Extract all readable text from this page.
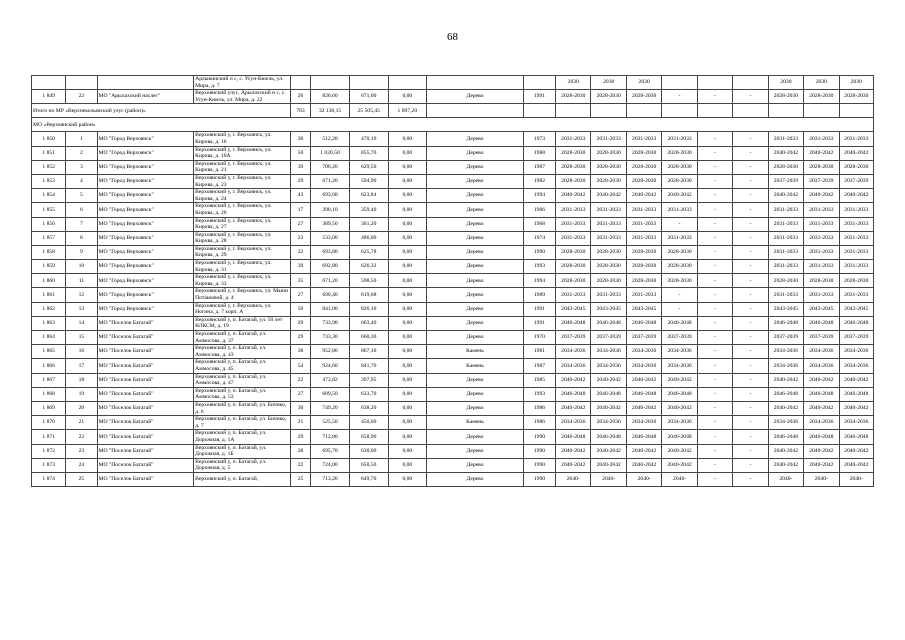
68
			Арлыкинский п с, с. Усун-Кюель, ул. Мира, д. 7							2030	2030	2030				2030	2030	2030
1 849	22	МО "Арылахский наслег"	Верхоянский улус, Арылахский н с, с. Усун-Кюель, ул. Мира, д. 22	26	826,60	671,60	0,00	Дерево	1991	2028-2030	2028-2030	2028-2030	-	-	-	2028-2030	2028-2030	2028-2030
Итого по МР «Верхнеколымский улус (район)»				783	32 138,15	25 505,45	1 897,20											
МО «Верхоянский район»																		
1 850	1	МО "Город Верхоянск"	Верхоянский у, г. Верхоянск, ул. Кирова, д. 16	30	512,20	470,10	0,00	Дерево	1973	2031-2033	2031-2033	2031-2033	2031-2033	-	-	2031-2033	2031-2033	2031-2033
1 851	2	МО "Город Верхоянск"	Верхоянский у, г. Верхоянск, ул. Кирова, д. 10А	50	1 020,50	855,70	0,00	Дерево	1988	2028-2030	2028-2030	2028-2030	2028-2030	-	-	2040-2042	2040-2042	2040-2042
1 852	3	МО "Город Верхоянск"	Верхоянский у, г. Верхоянск, ул. Кирова, д. 21	39	706,20	629,50	0,00	Дерево	1987	2028-2030	2028-2030	2028-2030	2028-2030	-	-	2028-2030	2028-2030	2028-2030
1 853	4	МО "Город Верхоянск"	Верхоянский у, г. Верхоянск, ул. Кирова, д. 23	29	671,20	594,90	0,00	Дерево	1982	2028-2030	2028-2030	2028-2030	2028-2030	-	-	2037-2039	2037-2039	2037-2039
1 854	5	МО "Город Верхоянск"	Верхоянский у, г. Верхоянск, ул. Кирова, д. 24	43	693,60	623,84	0,00	Дерево	1994	2040-2042	2040-2042	2040-2042	2040-2042	-	-	2040-2042	2040-2042	2040-2042
1 855	6	МО "Город Верхоянск"	Верхоянский у, г. Верхоянск, ул. Кирова, д. 26	17	390,10	359,40	0,00	Дерево	1966	2031-2033	2031-2033	2031-2033	2031-2033	-	-	2031-2033	2031-2033	2031-2033
1 856	7	МО "Город Верхоянск"	Верхоянский у, г. Верхоянск, ул. Кирова, д. 27	27	389,50	361,20	0,00	Дерево	1968	2031-2033	2031-2033	2031-2033	-	-	-	2031-2033	2031-2033	2031-2033
1 857	8	МО "Город Верхоянск"	Верхоянский у, г. Верхоянск, ул. Кирова, д. 28	23	533,00	486,00	0,00	Дерево	1974	2031-2033	2031-2033	2031-2033	2031-2033	-	-	2031-2033	2031-2033	2031-2033
1 858	9	МО "Город Верхоянск"	Верхоянский у, г. Верхоянск, ул. Кирова, д. 29	32	693,80	625,78	0,00	Дерево	1990	2028-2030	2028-2030	2028-2030	2028-2030	-	-	2031-2033	2031-2033	2031-2033
1 859	10	МО "Город Верхоянск"	Верхоянский у, г. Верхоянск, ул. Кирова, д. 31	39	692,80	626,32	0,00	Дерево	1993	2028-2030	2028-2030	2028-2030	2028-2030	-	-	2031-2033	2031-2033	2031-2033
1 860	11	МО "Город Верхоянск"	Верхоянский у, г. Верхоянск, ул. Кирова, д. 33	35	671,20	598,50	0,00	Дерево	1994	2028-2030	2028-2030	2028-2030	2028-2030	-	-	2028-2030	2028-2030	2028-2030
1 861	12	МО "Город Верхоянск"	Верхоянский у, г. Верхоянск, ул. Маши Поташовой, д. 4	27	690,40	619,68	0,00	Дерево	1989	2031-2033	2031-2033	2031-2033	-	-	-	2031-2033	2031-2033	2031-2033
1 862	13	МО "Город Верхоянск"	Верхоянский у, г. Верхоянск, ул. Ногина, д. 7 корп. А	50	841,00	826,10	0,00	Дерево	1991	2043-2045	2043-2045	2043-2045	-	-	-	2043-2045	2043-2045	2043-2045
1 863	14	МО "Поселок Батагай"	Верхоянский у, п. Батагай, ул. 50 лет ВЛКСМ, д. 19	29	733,90	663,40	0,00	Дерево	1991	2046-2048	2046-2048	2046-2048	2046-2048	-	-	2046-2048	2046-2048	2046-2048
1 864	15	МО "Поселок Батагай"	Верхоянский у, п. Батагай, ул. Аммосова, д. 37	29	733,30	660,30	0,00	Дерево	1970	2037-2039	2037-2039	2037-2039	2037-2039	-	-	2037-2039	2037-2039	2037-2039
1 865	16	МО "Поселок Батагай"	Верхоянский у, п. Батагай, ул. Аммосова, д. 43	38	952,80	867,10	0,00	Камень	1981	2034-2036	2034-2036	2034-2036	2034-2036	-	-	2034-2036	2034-2036	2034-2036
1 866	17	МО "Поселок Батагай"	Верхоянский у, п. Батагай, ул. Аммосова, д. 45	54	924,60	841,70	0,00	Камень	1987	2034-2036	2034-2036	2034-2036	2034-2036	-	-	2034-2036	2034-2036	2034-2036
1 867	18	МО "Поселок Батагай"	Верхоянский у, п. Батагай, ул. Аммосова, д. 47	22	473,82	397,95	0,00	Дерево	1985	2040-2042	2040-2042	2040-2042	2040-2042	-	-	2040-2042	2040-2042	2040-2042
1 868	19	МО "Поселок Батагай"	Верхоянский у, п. Батагай, ул. Аммосова, д. 53	27	689,50	633,70	0,00	Дерево	1993	2046-2048	2046-2048	2046-2048	2046-2048	-	-	2046-2048	2046-2048	2046-2048
1 869	20	МО "Поселок Батагай"	Верхоянский у, п. Батагай, ул. Бичико, д. 6	30	749,20	638,20	0,00	Дерево	1986	2040-2042	2040-2042	2040-2042	2040-2042	-	-	2040-2042	2040-2042	2040-2042
1 870	21	МО "Поселок Батагай"	Верхоянский у, п. Батагай, ул. Бичико, д. 7	21	525,50	450,60	0,00	Камень	1986	2034-2036	2034-2036	2034-2036	2034-2036	-	-	2034-2036	2034-2036	2034-2036
1 871	22	МО "Поселок Батагай"	Верхоянский у, п. Батагай, ул. Дорожная, д. 1А	29	712,80	658,90	0,00	Дерево	1990	2046-2048	2046-2048	2046-2048	2046-2048	-	-	2046-2048	2046-2048	2046-2048
1 872	23	МО "Поселок Батагай"	Верхоянский у, п. Батагай, ул. Дорожная, д. 1Б	28	695,70	630,00	0,00	Дерево	1990	2040-2042	2040-2042	2040-2042	2040-2042	-	-	2040-2042	2040-2042	2040-2042
1 873	24	МО "Поселок Батагай"	Верхоянский у, п. Батагай, ул. Дорожная, д. 5	22	724,00	650,50	0,00	Дерево	1990	2040-2042	2040-2042	2040-2042	2040-2042	-	-	2040-2042	2040-2042	2040-2042
1 874	25	МО "Поселок Батагай"	Верхоянский у, п. Батагай,	25	713,20	649,70	0,00	Дерево	1990	2040-	2040-	2040-	2040-	-	-	2040-	2040-	2040-
